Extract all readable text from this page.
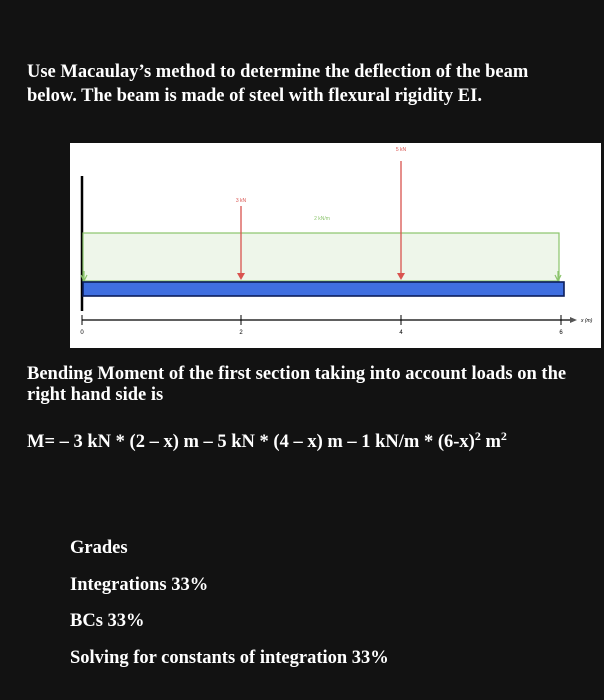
Use Macaulay’s method to determine the deflection of the beam below. The beam is made of steel with flexural rigidity EI.

2 kN/m
3 kN
5 kN
0	2	4	6
x (m)

Bending Moment of the first section taking into account loads on the right hand side is

M= – 3 kN * (2 – x) m – 5 kN * (4 – x) m – 1 $kN/m * (6-x)^2$ $m^2$

Grades
Integrations 33%
BCs 33%
Solving for constants of integration 33%
